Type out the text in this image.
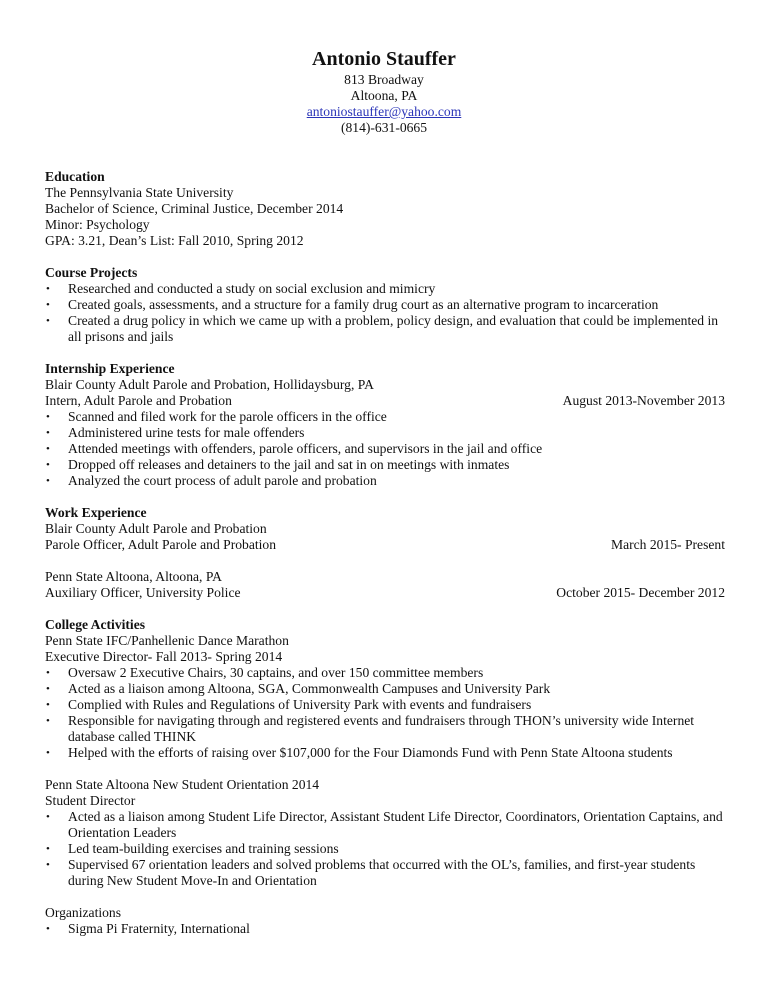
Antonio Stauffer
813 Broadway
Altoona, PA
antoniostauffer@yahoo.com
(814)-631-0665
Education
The Pennsylvania State University
Bachelor of Science, Criminal Justice, December 2014
Minor: Psychology
GPA: 3.21, Dean’s List: Fall 2010, Spring 2012
Course Projects
• Researched and conducted a study on social exclusion and mimicry
• Created goals, assessments, and a structure for a family drug court as an alternative program to incarceration
• Created a drug policy in which we came up with a problem, policy design, and evaluation that could be implemented in all prisons and jails
Internship Experience
Blair County Adult Parole and Probation, Hollidaysburg, PA
Intern, Adult Parole and Probation	August 2013-November 2013
• Scanned and filed work for the parole officers in the office
• Administered urine tests for male offenders
• Attended meetings with offenders, parole officers, and supervisors in the jail and office
• Dropped off releases and detainers to the jail and sat in on meetings with inmates
• Analyzed the court process of adult parole and probation
Work Experience
Blair County Adult Parole and Probation
Parole Officer, Adult Parole and Probation	March 2015- Present
Penn State Altoona, Altoona, PA
Auxiliary Officer, University Police	October 2015- December 2012
College Activities
Penn State IFC/Panhellenic Dance Marathon
Executive Director- Fall 2013- Spring 2014
• Oversaw 2 Executive Chairs, 30 captains, and over 150 committee members
• Acted as a liaison among Altoona, SGA, Commonwealth Campuses and University Park
• Complied with Rules and Regulations of University Park with events and fundraisers
• Responsible for navigating through and registered events and fundraisers through THON’s university wide Internet database called THINK
• Helped with the efforts of raising over $107,000 for the Four Diamonds Fund with Penn State Altoona students
Penn State Altoona New Student Orientation 2014
Student Director
• Acted as a liaison among Student Life Director, Assistant Student Life Director, Coordinators, Orientation Captains, and Orientation Leaders
• Led team-building exercises and training sessions
• Supervised 67 orientation leaders and solved problems that occurred with the OL’s, families, and first-year students during New Student Move-In and Orientation
Organizations
• Sigma Pi Fraternity, International
